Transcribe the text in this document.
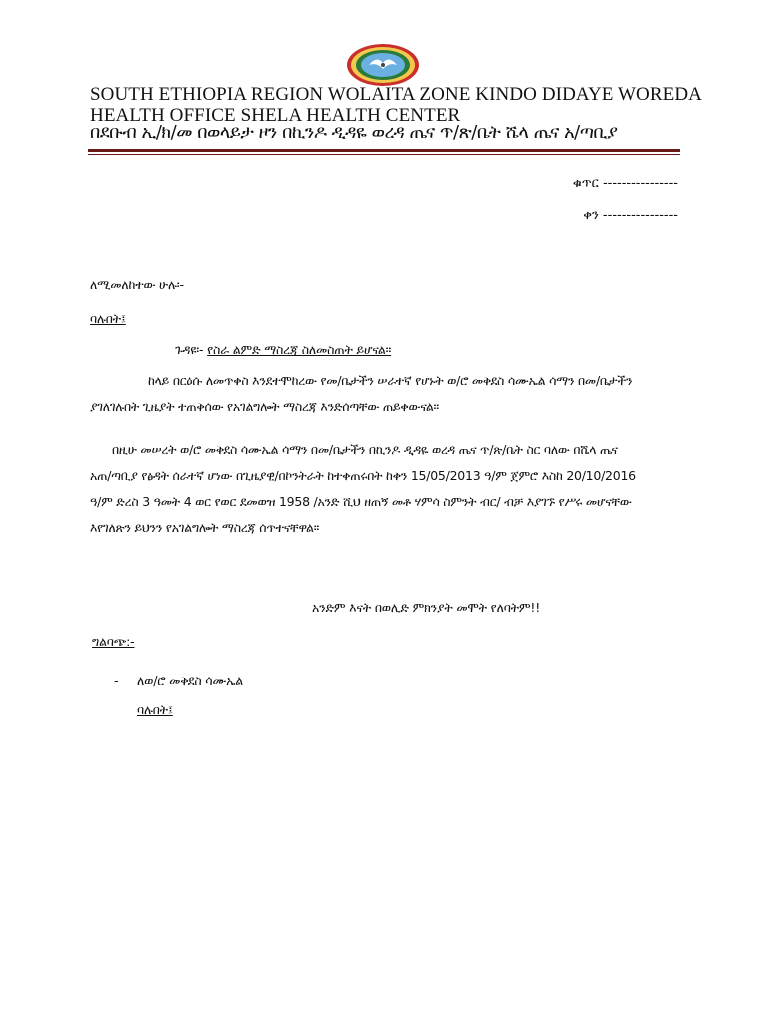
SOUTH ETHIOPIA REGION WOLAITA ZONE KINDO DIDAYE WOREDA
HEALTH OFFICE SHELA HEALTH CENTER
በደቡብ ኢ/ክ/መ በወላይታ ዞን በኪንዶ ዲዳዬ ወረዳ ጤና ጥ/ጽ/ቤት ሼላ ጤና አ/ጣቢያ
ቁጥር ----------------
ቀን ----------------
ለሚመለከተው ሁሉ፡-
ባሉበት፤
ጉዳዩ፡- የስራ ልምድ ማስረጃ ስለመስጠት ይሆናል፡፡
ከላይ በርዕሱ ለመጥቀስ እንደተሞከረው የመ/ቤታችን ሠራተኛ የሆኑት ወ/ሮ መቅደስ ሳሙኤል ሳማን በመ/ቤታችን
ያገለገሉበት ጊዜያት ተጠቅሰው የአገልግሎት ማስረጃ እንድሰጣቸው ጠይቀውናል፡፡
በዚሁ መሠረት ወ/ሮ መቅደስ ሳሙኤል ሳማን በመ/ቤታችን በኪንዶ ዲዳዬ ወረዳ ጤና ጥ/ጽ/ቤት ስር ባለው በሼላ ጤና
አጠ/ጣቢያ የፅዳት ሰራተኛ ሆነው በጊዜያዊ/በኮንትራት ከተቀጠሩበት ከቀን 15/05/2013 ዓ/ም ጀምሮ እስከ 20/10/2016
ዓ/ም ድረስ 3 ዓመት 4 ወር የወር ደመወዝ 1958 /አንድ ሺህ ዘጠኝ መቶ ሃምሳ ስምንት ብር/ ብቻ እያገኙ የሥሩ መሆናቸው
እየገለጽን ይህንን የአገልግሎት ማስረጃ ሰጥተናቸዋል፡፡
አንድም እናት በወሊድ ምክንያት መሞት የለባትም!!
ግልባጭ:-
- ለወ/ሮ መቅደስ ሳሙኤል
ባሉበት፤
